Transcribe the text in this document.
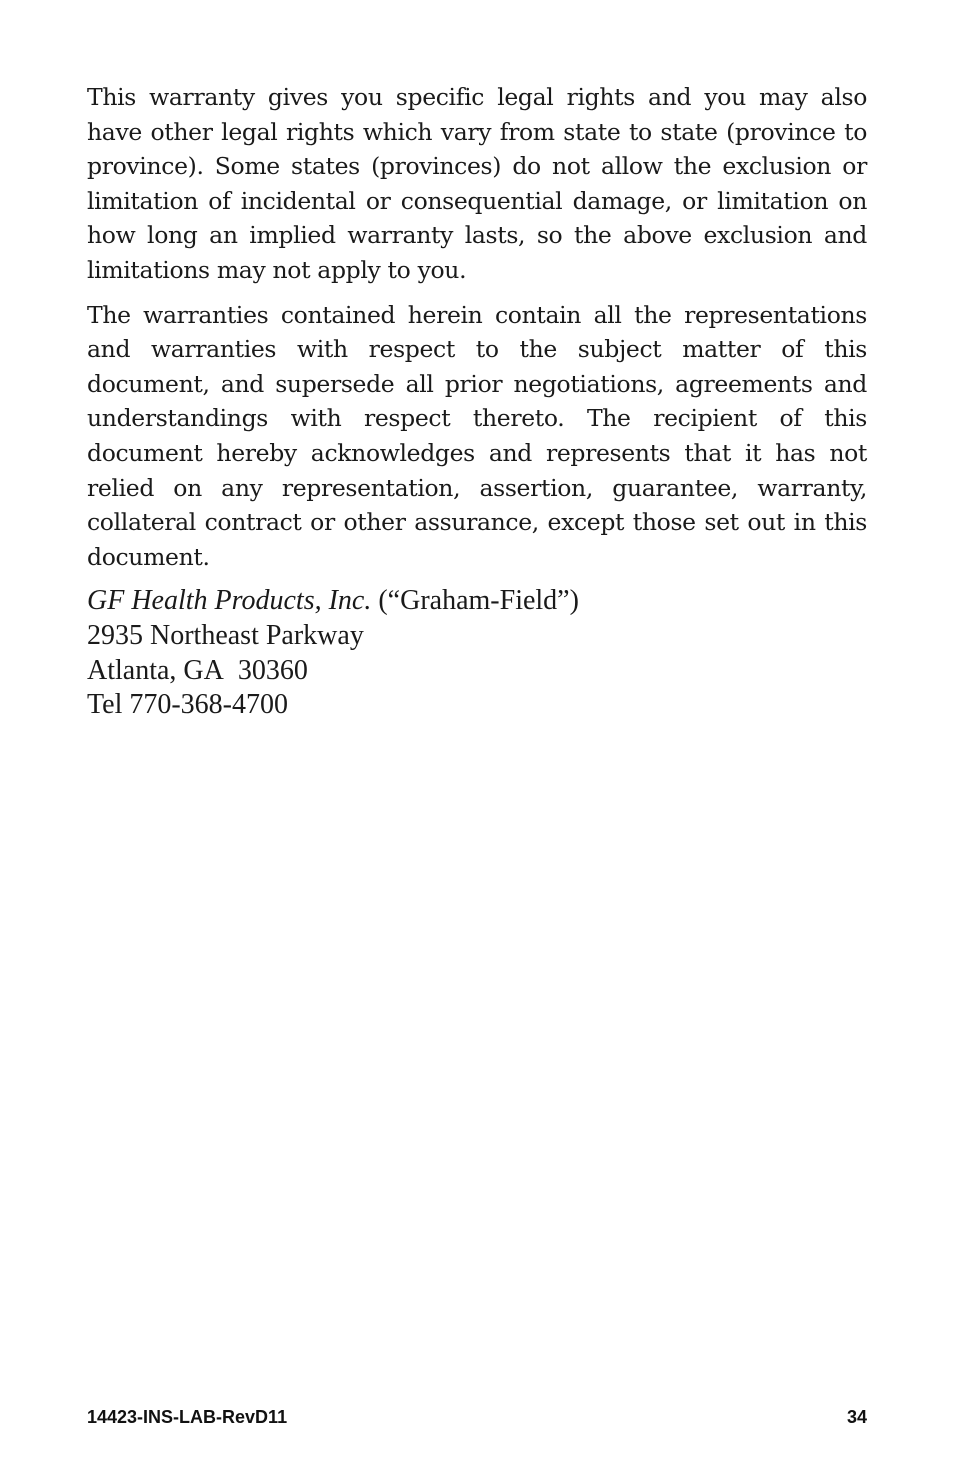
This warranty gives you specific legal rights and you may also have other legal rights which vary from state to state (province to province). Some states (provinces) do not allow the exclusion or limitation of incidental or consequential damage, or limitation on how long an implied warranty lasts, so the above exclusion and limitations may not apply to you.

The warranties contained herein contain all the representations and warranties with respect to the subject matter of this document, and supersede all prior negotiations, agreements and understandings with respect thereto. The recipient of this document hereby acknowledges and represents that it has not relied on any representation, assertion, guarantee, warranty, collateral contract or other assurance, except those set out in this document.

GF Health Products, Inc. (“Graham-Field”)
2935 Northeast Parkway
Atlanta, GA  30360
Tel 770-368-4700
14423-INS-LAB-RevD11	34
